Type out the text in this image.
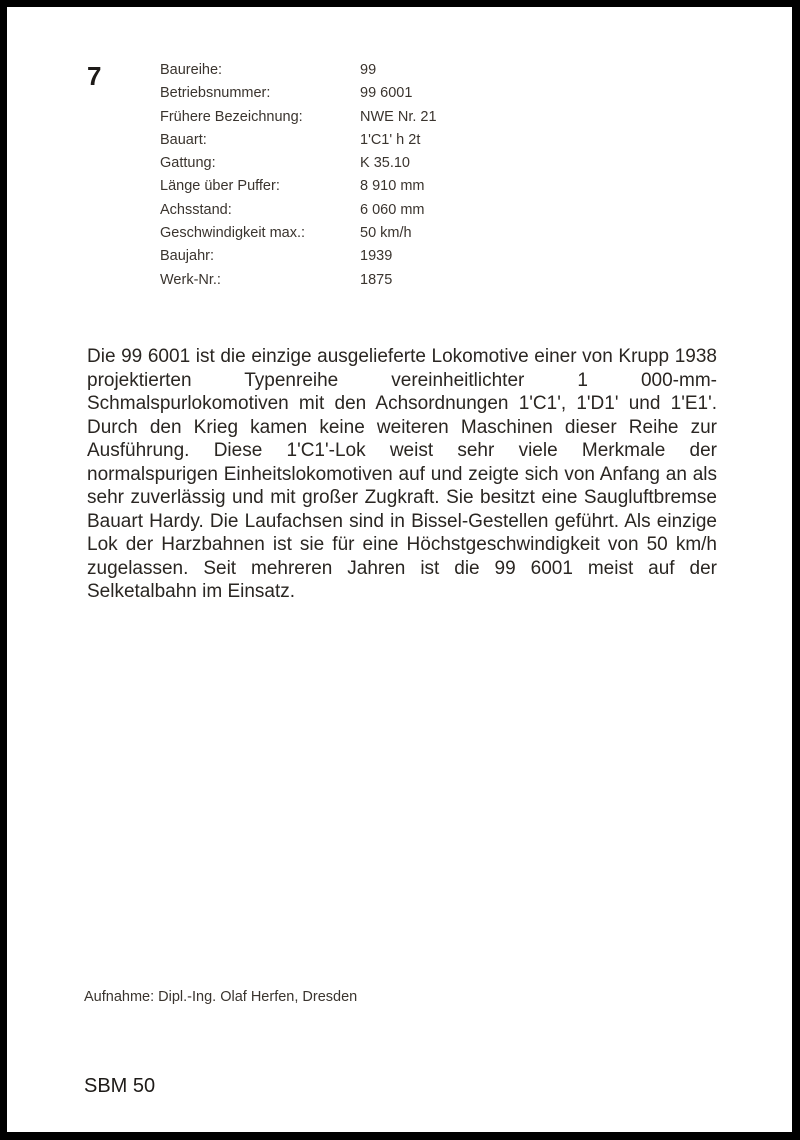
7	Baureihe:	99
Betriebsnummer:	99 6001
Frühere Bezeichnung:	NWE Nr. 21
Bauart:	1'C1' h 2t
Gattung:	K 35.10
Länge über Puffer:	8 910 mm
Achsstand:	6 060 mm
Geschwindigkeit max.:	50 km/h
Baujahr:	1939
Werk-Nr.:	1875

Die 99 6001 ist die einzige ausgelieferte Lokomotive einer von Krupp 1938 projektierten Typenreihe vereinheitlichter 1 000-mm-Schmalspurlokomotiven mit den Achsordnungen 1'C1', 1'D1' und 1'E1'. Durch den Krieg kamen keine weiteren Maschinen dieser Reihe zur Ausführung. Diese 1'C1'-Lok weist sehr viele Merkmale der normalspurigen Einheitslokomotiven auf und zeigte sich von Anfang an als sehr zuverlässig und mit großer Zugkraft. Sie besitzt eine Saugluftbremse Bauart Hardy. Die Laufachsen sind in Bissel-Gestellen geführt. Als einzige Lok der Harzbahnen ist sie für eine Höchstgeschwindigkeit von 50 km/h zugelassen. Seit mehreren Jahren ist die 99 6001 meist auf der Selketalbahn im Einsatz.

Aufnahme: Dipl.-Ing. Olaf Herfen, Dresden
SBM 50
